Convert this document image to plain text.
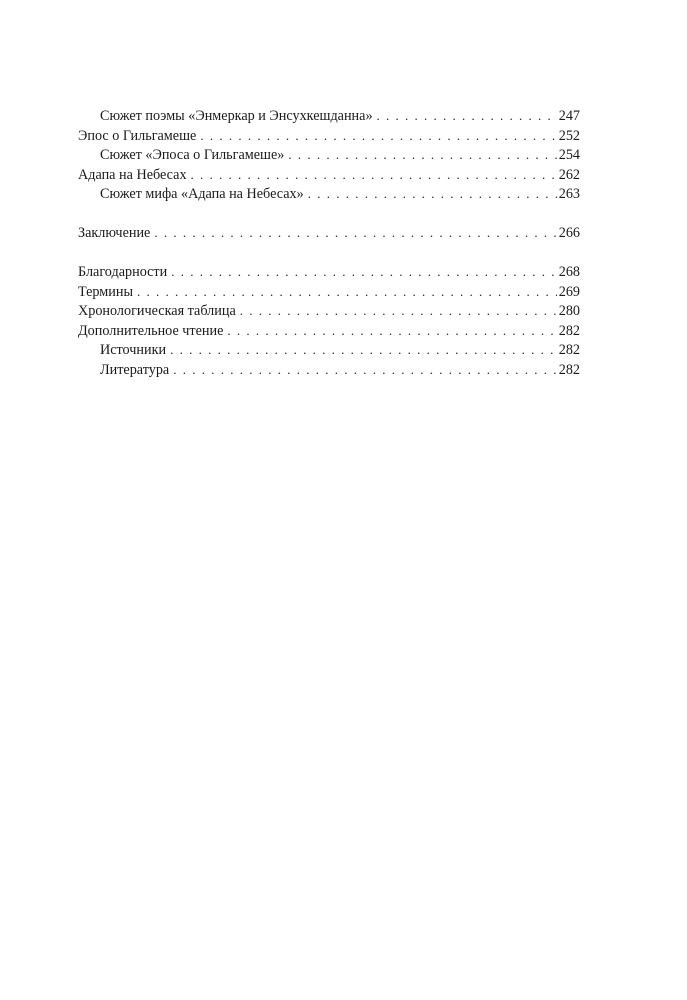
Сюжет поэмы «Энмеркар и Энсухкешданна» . . .	247
Эпос о Гильгамеше . . .	252
Сюжет «Эпоса о Гильгамеше» . . .	254
Адапа на Небесах . . .	262
Сюжет мифа «Адапа на Небесах» . . .	263
Заключение . . .	266
Благодарности . . .	268
Термины . . .	269
Хронологическая таблица . . .	280
Дополнительное чтение . . .	282
Источники . . .	282
Литература . . .	282
